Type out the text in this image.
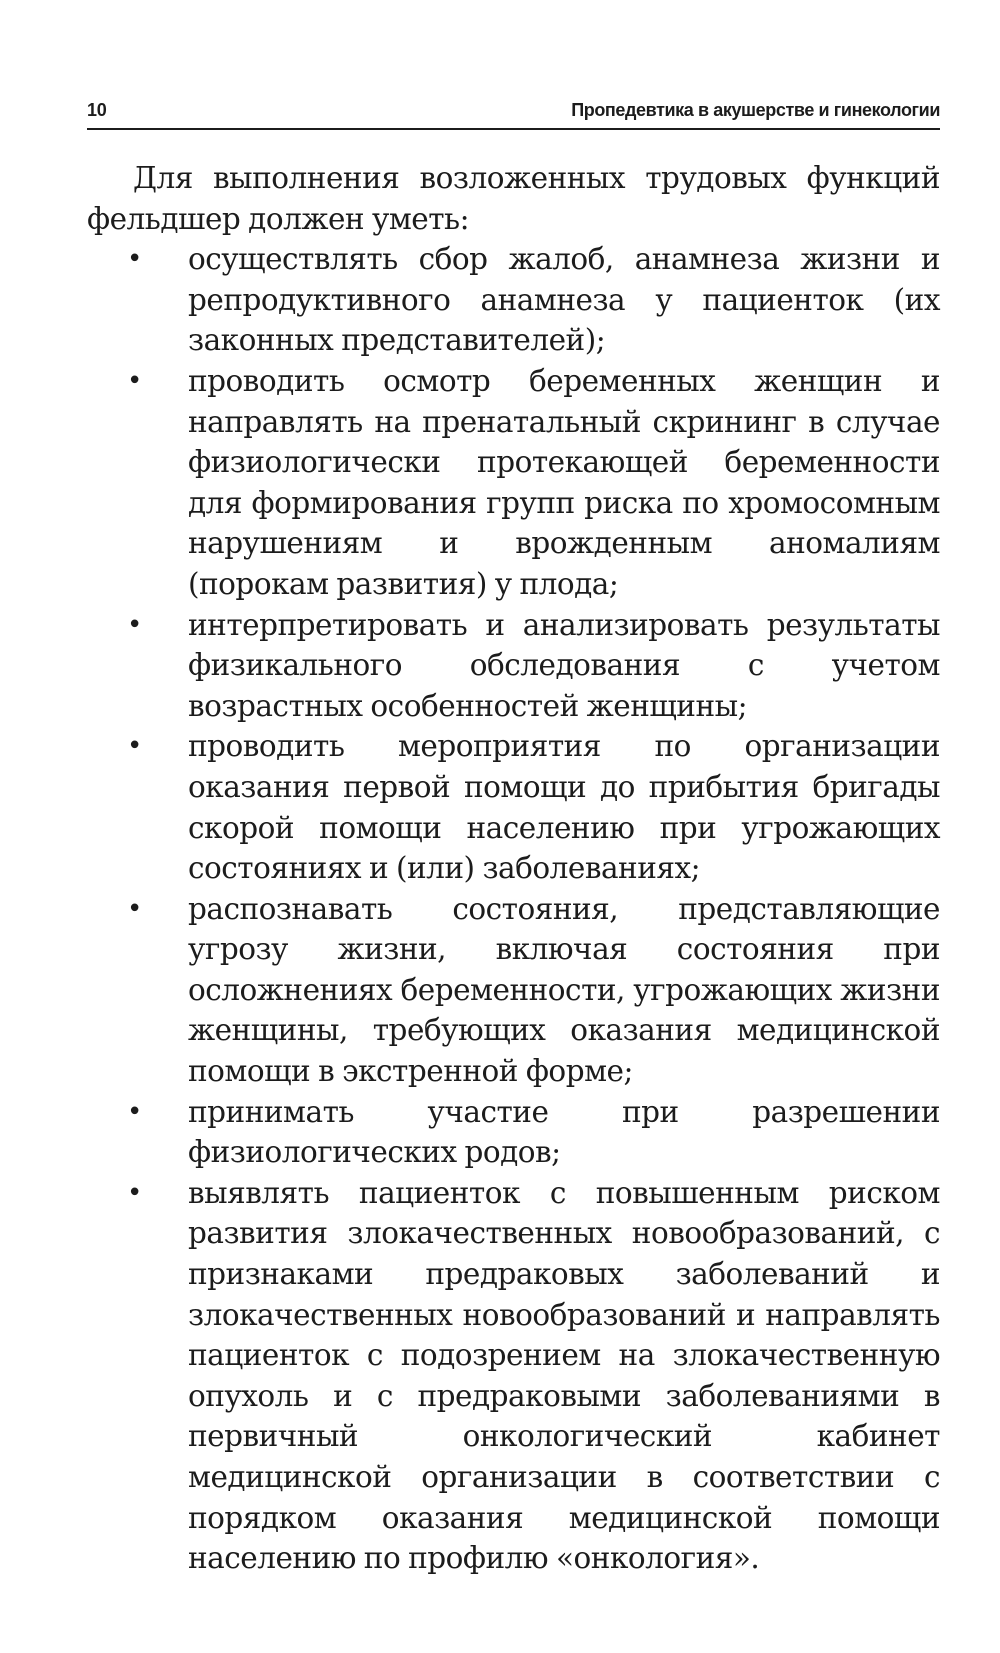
10	Пропедевтика в акушерстве и гинекологии

Для выполнения возложенных трудовых функций фельдшер должен уметь:

• осуществлять сбор жалоб, анамнеза жизни и репродуктивного анамнеза у пациенток (их законных представителей);
• проводить осмотр беременных женщин и направлять на пренатальный скрининг в случае физиологически протекающей беременности для формирования групп риска по хромосомным нарушениям и врожденным аномалиям (порокам развития) у плода;
• интерпретировать и анализировать результаты физикального обследования с учетом возрастных особенностей женщины;
• проводить мероприятия по организации оказания первой помощи до прибытия бригады скорой помощи населению при угрожающих состояниях и (или) заболеваниях;
• распознавать состояния, представляющие угрозу жизни, включая состояния при осложнениях беременности, угрожающих жизни женщины, требующих оказания медицинской помощи в экстренной форме;
• принимать участие при разрешении физиологических родов;
• выявлять пациенток с повышенным риском развития злокачественных новообразований, с признаками предраковых заболеваний и злокачественных новообразований и направлять пациенток с подозрением на злокачественную опухоль и с предраковыми заболеваниями в первичный онкологический кабинет медицинской организации в соответствии с порядком оказания медицинской помощи населению по профилю «онкология».
